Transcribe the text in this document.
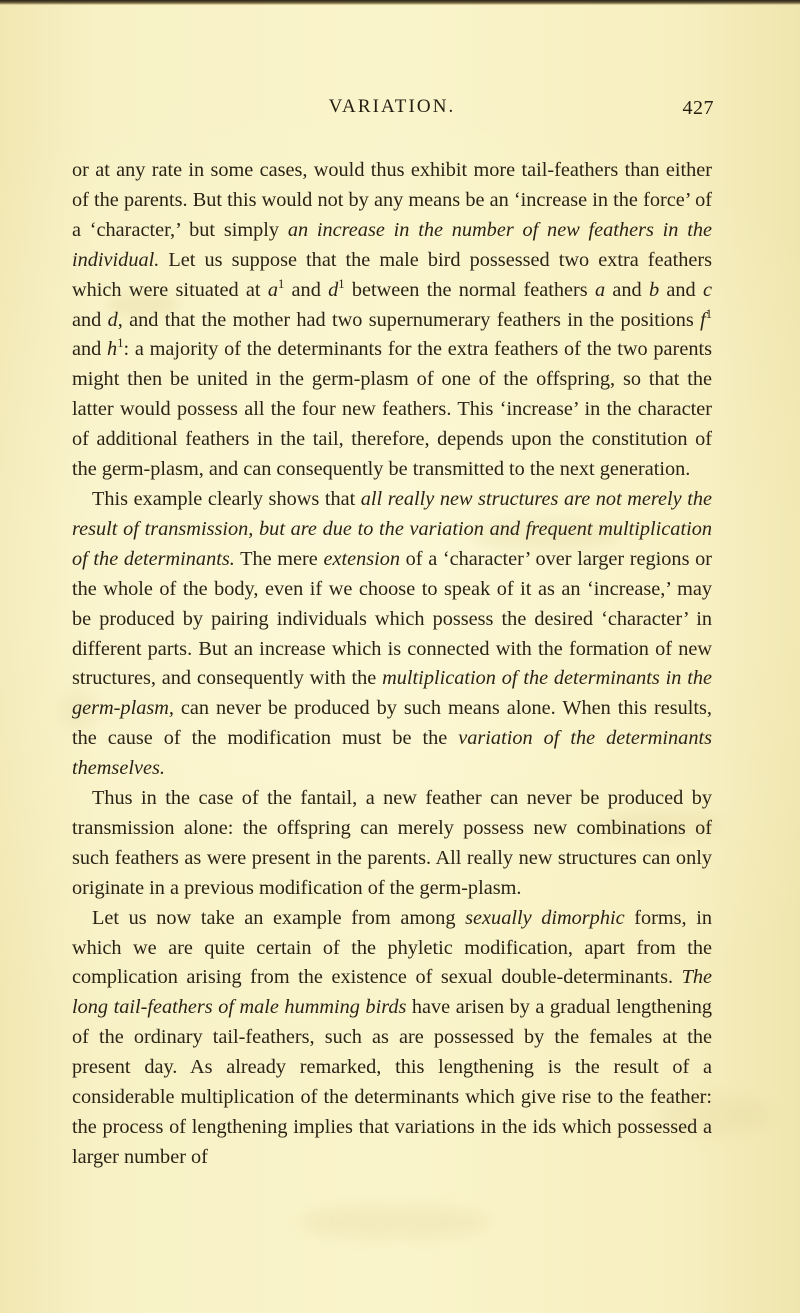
VARIATION.	427

or at any rate in some cases, would thus exhibit more tail-feathers than either of the parents. But this would not by any means be an ‘increase in the force’ of a ‘character,’ but simply an increase in the number of new feathers in the individual. Let us suppose that the male bird possessed two extra feathers which were situated at $a^1$ and $d^1$ between the normal feathers a and b and c and d, and that the mother had two supernumerary feathers in the positions $f^1$ and $h^1$: a majority of the determinants for the extra feathers of the two parents might then be united in the germ-plasm of one of the offspring, so that the latter would possess all the four new feathers. This ‘increase’ in the character of additional feathers in the tail, therefore, depends upon the constitution of the germ-plasm, and can consequently be transmitted to the next generation.

This example clearly shows that all really new structures are not merely the result of transmission, but are due to the variation and frequent multiplication of the determinants. The mere extension of a ‘character’ over larger regions or the whole of the body, even if we choose to speak of it as an ‘increase,’ may be produced by pairing individuals which possess the desired ‘character’ in different parts. But an increase which is connected with the formation of new structures, and consequently with the multiplication of the determinants in the germ-plasm, can never be produced by such means alone. When this results, the cause of the modification must be the variation of the determinants themselves.

Thus in the case of the fantail, a new feather can never be produced by transmission alone: the offspring can merely possess new combinations of such feathers as were present in the parents. All really new structures can only originate in a previous modification of the germ-plasm.

Let us now take an example from among sexually dimorphic forms, in which we are quite certain of the phyletic modification, apart from the complication arising from the existence of sexual double-determinants. The long tail-feathers of male humming birds have arisen by a gradual lengthening of the ordinary tail-feathers, such as are possessed by the females at the present day. As already remarked, this lengthening is the result of a considerable multiplication of the determinants which give rise to the feather: the process of lengthening implies that variations in the ids which possessed a larger number of
